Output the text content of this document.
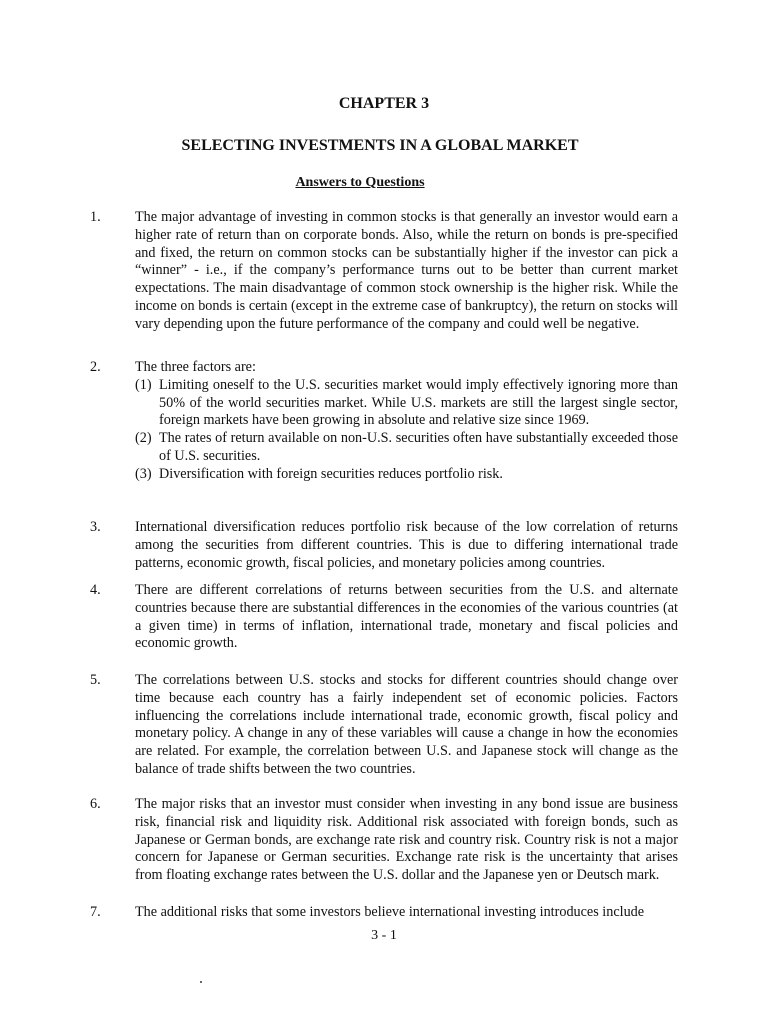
CHAPTER 3
SELECTING INVESTMENTS IN A GLOBAL MARKET
Answers to Questions
1.	The major advantage of investing in common stocks is that generally an investor would earn a higher rate of return than on corporate bonds. Also, while the return on bonds is pre-specified and fixed, the return on common stocks can be substantially higher if the investor can pick a “winner” - i.e., if the company’s performance turns out to be better than current market expectations. The main disadvantage of common stock ownership is the higher risk. While the income on bonds is certain (except in the extreme case of bankruptcy), the return on stocks will vary depending upon the future performance of the company and could well be negative.
2.	The three factors are:
(1) Limiting oneself to the U.S. securities market would imply effectively ignoring more than 50% of the world securities market. While U.S. markets are still the largest single sector, foreign markets have been growing in absolute and relative size since 1969.
(2) The rates of return available on non-U.S. securities often have substantially exceeded those of U.S. securities.
(3) Diversification with foreign securities reduces portfolio risk.
3.	International diversification reduces portfolio risk because of the low correlation of returns among the securities from different countries. This is due to differing international trade patterns, economic growth, fiscal policies, and monetary policies among countries.
4.	There are different correlations of returns between securities from the U.S. and alternate countries because there are substantial differences in the economies of the various countries (at a given time) in terms of inflation, international trade, monetary and fiscal policies and economic growth.
5.	The correlations between U.S. stocks and stocks for different countries should change over time because each country has a fairly independent set of economic policies. Factors influencing the correlations include international trade, economic growth, fiscal policy and monetary policy. A change in any of these variables will cause a change in how the economies are related. For example, the correlation between U.S. and Japanese stock will change as the balance of trade shifts between the two countries.
6.	The major risks that an investor must consider when investing in any bond issue are business risk, financial risk and liquidity risk. Additional risk associated with foreign bonds, such as Japanese or German bonds, are exchange rate risk and country risk. Country risk is not a major concern for Japanese or German securities. Exchange rate risk is the uncertainty that arises from floating exchange rates between the U.S. dollar and the Japanese yen or Deutsch mark.
7.	The additional risks that some investors believe international investing introduces include
3 - 1
